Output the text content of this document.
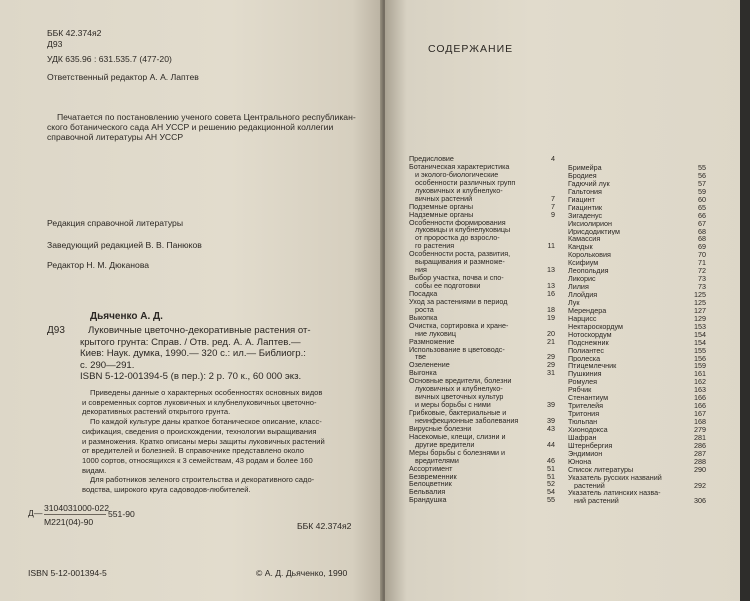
ББК 42.374я2
Д93
УДК 635.96 : 631.535.7 (477-20)
Ответственный редактор А. А. Лаптев
Печатается по постановлению ученого совета Центрального республикан-
ского ботанического сада АН УССР и решению редакционной коллегии
справочной литературы АН УССР
Редакция справочной литературы
Заведующий редакцией В. В. Панюков
Редактор Н. М. Дюканова
Дьяченко А. Д.
Д93	Луковичные цветочно-декоративные растения от-
крытого грунта: Справ. / Отв. ред. А. А. Лаптев.—
Киев: Наук. думка, 1990.— 320 с.: ил.— Библиогр.:
с. 290—291.
ISBN 5-12-001394-5 (в пер.): 2 р. 70 к., 60 000 экз.
Приведены данные о характерных особенностях основных видов
и современных сортов луковичных и клубнелуковичных цветочно-
декоративных растений открытого грунта.
По каждой культуре даны краткое ботаническое описание, класс-
сификация, сведения о происхождении, технологии выращивания
и размножения. Кратко описаны меры защиты луковичных растений
от вредителей и болезней. В справочнике представлено около
1000 сортов, относящихся к 3 семействам, 43 родам и более 160
видам.
Для работников зеленого строительства и декоративного садо-
водства, широкого круга садоводов-любителей.
Д— 3104031000-022
M221(04)-90
551-90
ББК 42.374я2
ISBN 5-12-001394-5	© А. Д. Дьяченко, 1990
СОДЕРЖАНИЕ
Предисловие	4
Ботаническая характеристика
и эколого-биологические
особенности различных групп
луковичных и клубнелуко-
вичных растений	7
Подземные органы	7
Надземные органы	9
Особенности формирования
луковицы и клубнелуковицы
от проростка до взросло-
го растения	11
Особенности роста, развития,
выращивания и размноже-
ния	13
Выбор участка, почва и спо-
собы ее подготовки	13
Посадка	16
Уход за растениями в период
роста	18
Выкопка	19
Очистка, сортировка и хране-
ние луковиц	20
Размножение	21
Использование в цветоводс-
тве	29
Озеленение	29
Выгонка	31
Основные вредители, болезни
луковичных и клубнелуко-
вичных цветочных культур
и меры борьбы с ними	39
Грибковые, бактериальные и
неинфекционные заболевания	39
Вирусные болезни	43
Насекомые, клещи, слизни и
другие вредители	44
Меры борьбы с болезнями и
вредителями	46
Ассортимент	51
Безвременник	51
Белоцветник	52
Бельвалия	54
Брандушка	55
Бримейра	55
Бродиея	56
Гадючий лук	57
Гальтония	59
Гиацинт	60
Гиацинтик	65
Зигаденус	66
Иксиолирион	67
Ирисдодиктиум	68
Камассия	68
Кандык	69
Корольковия	70
Ксифиум	71
Леопольдия	72
Ликорис	73
Лилия	73
Ллойдия	125
Лук	125
Мерендера	127
Нарцисс	129
Нектароскордум	153
Нотоскордум	154
Подснежник	154
Полиантес	155
Пролеска	156
Птицемлечник	159
Пушкиния	161
Ромулея	162
Рябчик	163
Стенантиум	166
Трителейя	166
Тритония	167
Тюльпан	168
Хионодокса	279
Шафран	281
Штернбергия	286
Эндимион	287
Юнона	288
Список литературы	290
Указатель русских названий
растений	292
Указатель латинских назва-
ний растений	306
